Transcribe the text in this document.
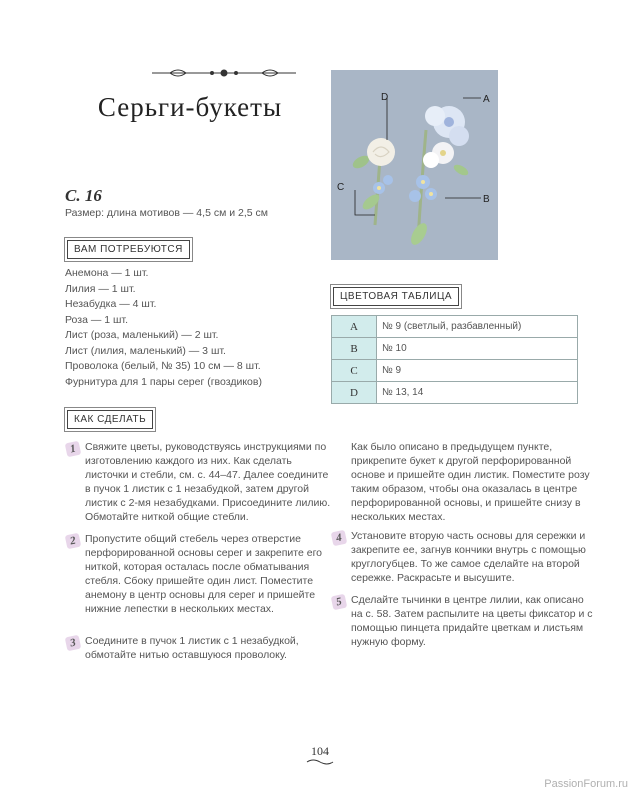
Серьги-букеты
С. 16
Размер: длина мотивов — 4,5 см и 2,5 см
ВАМ ПОТРЕБУЮТСЯ
Анемона — 1 шт.
Лилия — 1 шт.
Незабудка — 4 шт.
Роза — 1 шт.
Лист (роза, маленький) — 2 шт.
Лист (лилия, маленький) — 3 шт.
Проволока (белый, № 35) 10 см — 8 шт.
Фурнитура для 1 пары серег (гвоздиков)
A
D
C
B
ЦВЕТОВАЯ ТАБЛИЦА
A	№ 9 (светлый, разбавленный)
B	№ 10
C	№ 9
D	№ 13, 14
КАК СДЕЛАТЬ
1 Свяжите цветы, руководствуясь инструкциями по изготовлению каждого из них. Как сделать листочки и стебли, см. с. 44–47. Далее соедините в пучок 1 листик с 1 незабудкой, затем другой листик с 2-мя незабудками. Присоедините лилию. Обмотайте ниткой общие стебли.
2 Пропустите общий стебель через отверстие перфорированной основы серег и закрепите его ниткой, которая осталась после обматывания стебля. Сбоку пришейте один лист. Поместите анемону в центр основы для серег и пришейте нижние лепестки в нескольких местах.
3 Соедините в пучок 1 листик с 1 незабудкой, обмотайте нитью оставшуюся проволоку.
Как было описано в предыдущем пункте, прикрепите букет к другой перфорированной основе и пришейте один листик. Поместите розу таким образом, чтобы она оказалась в центре перфорированной основы, и пришейте снизу в нескольких местах.
4 Установите вторую часть основы для сережки и закрепите ее, загнув кончики внутрь с помощью круглогубцев. То же самое сделайте на второй сережке. Раскрасьте и высушите.
5 Сделайте тычинки в центре лилии, как описано на с. 58. Затем распылите на цветы фиксатор и с помощью пинцета придайте цветкам и листьям нужную форму.
104
PassionForum.ru
